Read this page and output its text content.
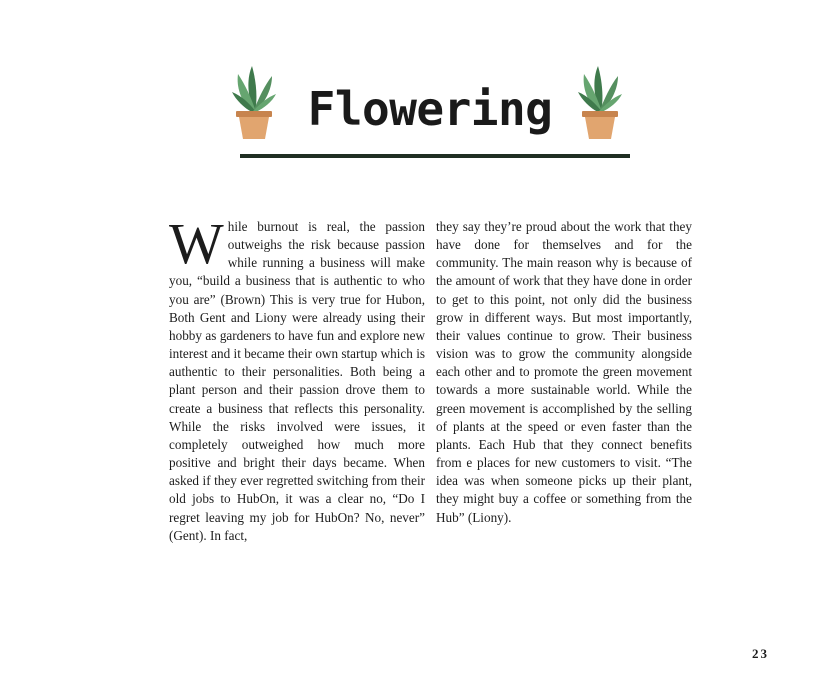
Flowering
While burnout is real, the passion outweighs the risk because passion while running a business will make you, “build a business that is authentic to who you are” (Brown) This is very true for Hubon, Both Gent and Liony were already using their hobby as gardeners to have fun and explore new interest and it became their own startup which is authentic to their personalities. Both being a plant person and their passion drove them to create a business that reflects this personality. While the risks involved were issues, it completely outweighed how much more positive and bright their days became. When asked if they ever regretted switching from their old jobs to HubOn, it was a clear no, “Do I regret leaving my job for HubOn? No, never” (Gent). In fact,
they say they’re proud about the work that they have done for themselves and for the community. The main reason why is because of the amount of work that they have done in order to get to this point, not only did the business grow in different ways. But most importantly, their values continue to grow. Their business vision was to grow the community alongside each other and to promote the green movement towards a more sustainable world. While the green movement is accomplished by the selling of plants at the speed or even faster than the plants. Each Hub that they connect benefits from e places for new customers to visit. “The idea was when someone picks up their plant, they might buy a coffee or something from the Hub” (Liony).
23
